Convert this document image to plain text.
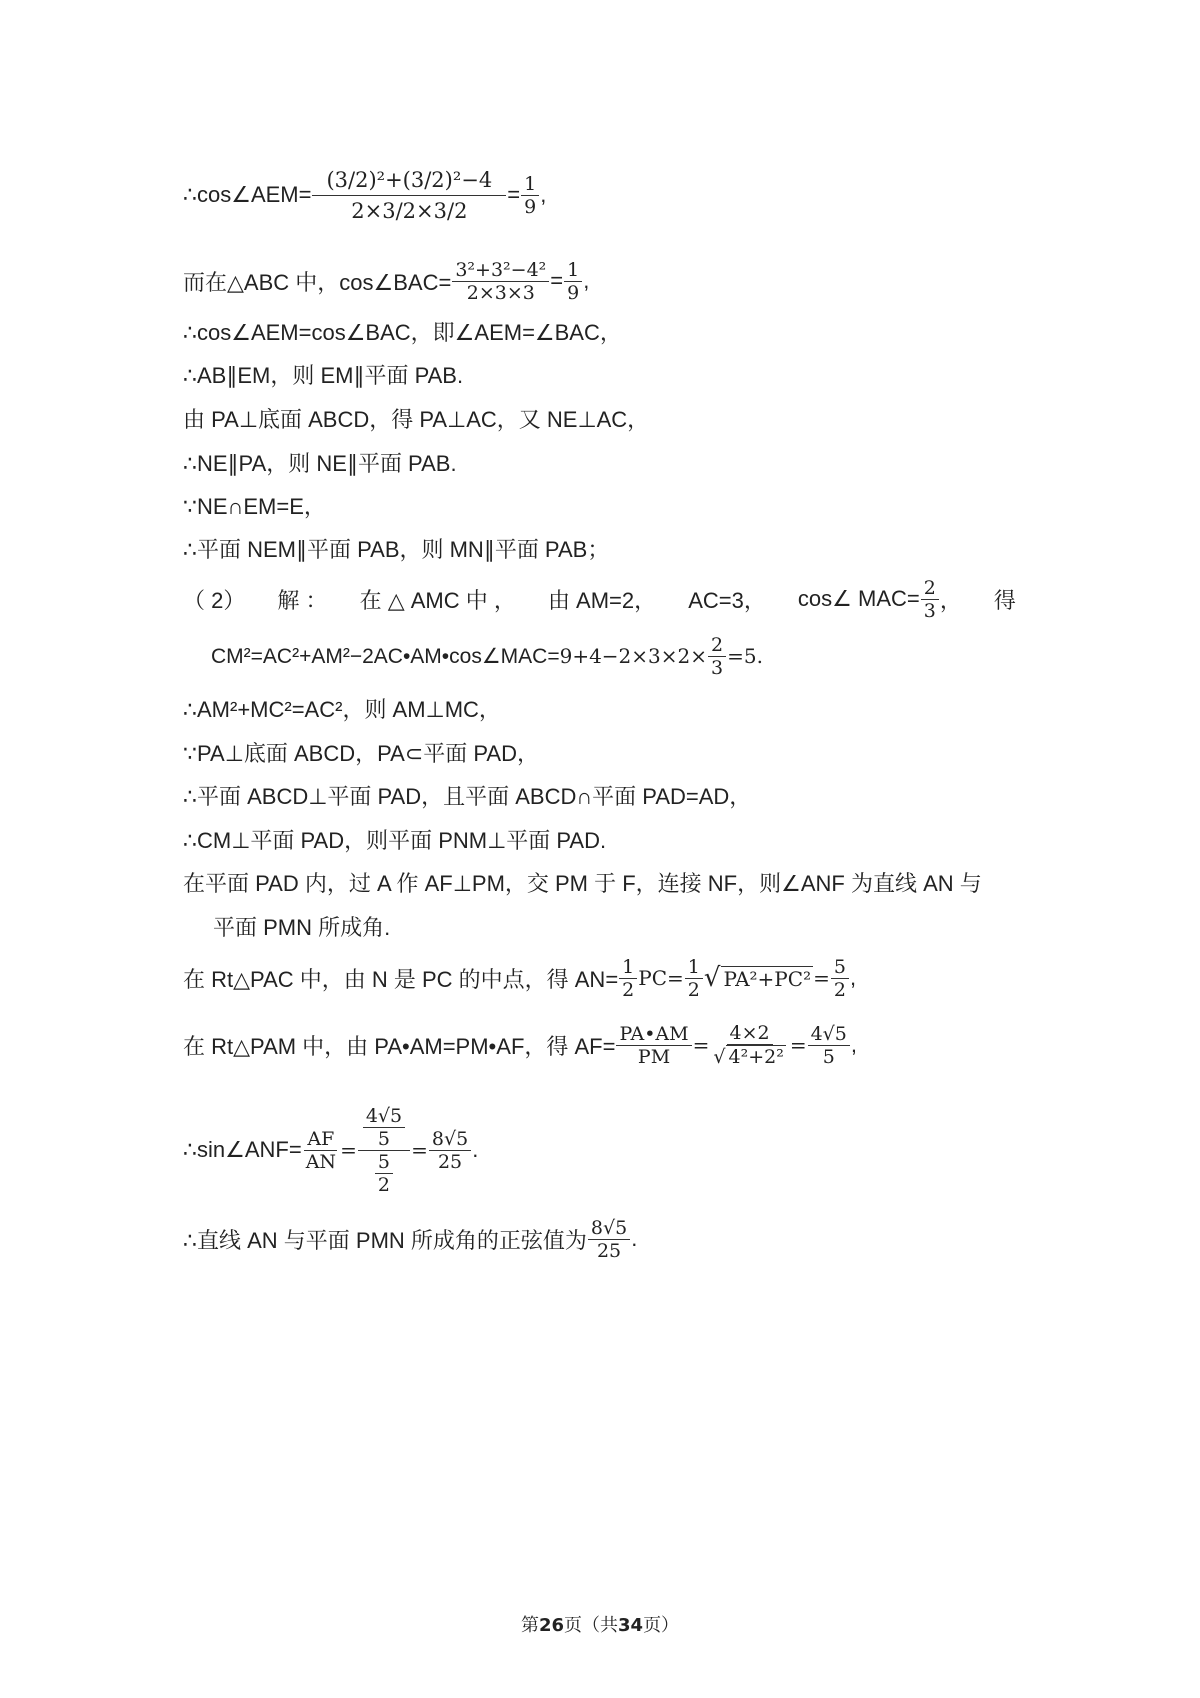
∴cos∠AEM= $\frac{\text{(3/2)²+(3/2)²−4}}{2\times 3/2\times 3/2} = \frac{1}{9}$ ,
而在△ABC 中，cos∠BAC= $\frac{\text{3²+3²−4²}}{2\times 3\times 3} = \frac{1}{9}$ ,
∴cos∠AEM=cos∠BAC，即∠AEM=∠BAC，
∴AB∥EM，则 EM∥平面 PAB.
由 PA⊥底面 ABCD，得 PA⊥AC，又 NE⊥AC，
∴NE∥PA，则 NE∥平面 PAB.
∵NE∩EM=E，
∴平面 NEM∥平面 PAB，则 MN∥平面 PAB；
（ 2） 解 ： 在 △ AMC 中 ， 由 AM=2， AC=3， cos∠ $MAC= \frac{2}{3}$ ， 得
CM²=AC²+AM²−2AC•AM•cos∠MAC= $9+4-2\times 3\times 2\times \frac{2}{3} =5$.
∴AM²+MC²=AC²，则 AM⊥MC，
∵PA⊥底面 ABCD，PA⊂平面 PAD，
∴平面 ABCD⊥平面 PAD，且平面 ABCD∩平面 PAD=AD，
∴CM⊥平面 PAD，则平面 PNM⊥平面 PAD.
在平面 PAD 内，过 A 作 AF⊥PM，交 PM 于 F，连接 NF，则∠ANF 为直线 AN 与
平面 PMN 所成角.
在 Rt△PAC 中，由 N 是 PC 的中点，得 $AN= \frac{1}{2} PC= \frac{1}{2}$ √ $PA^2+PC^2 = \frac{5}{2}$ ,
在 Rt△PAM 中，由 PA•AM=PM•AF，得 $AF= \frac{PA•AM}{PM} = \frac{4\times 2}{\text{√ 4²+2²}} = \frac{4√5}{5}$ ,
∴sin∠ANF= $\frac{AF}{AN} = \frac{\frac{4√5}{5}}{\frac{5}{2}} = \frac{8√5}{25}$ .
∴直线 AN 与平面 PMN 所成角的正弦值为 $\frac{8√5}{25}$ .
第26页（共34页）
